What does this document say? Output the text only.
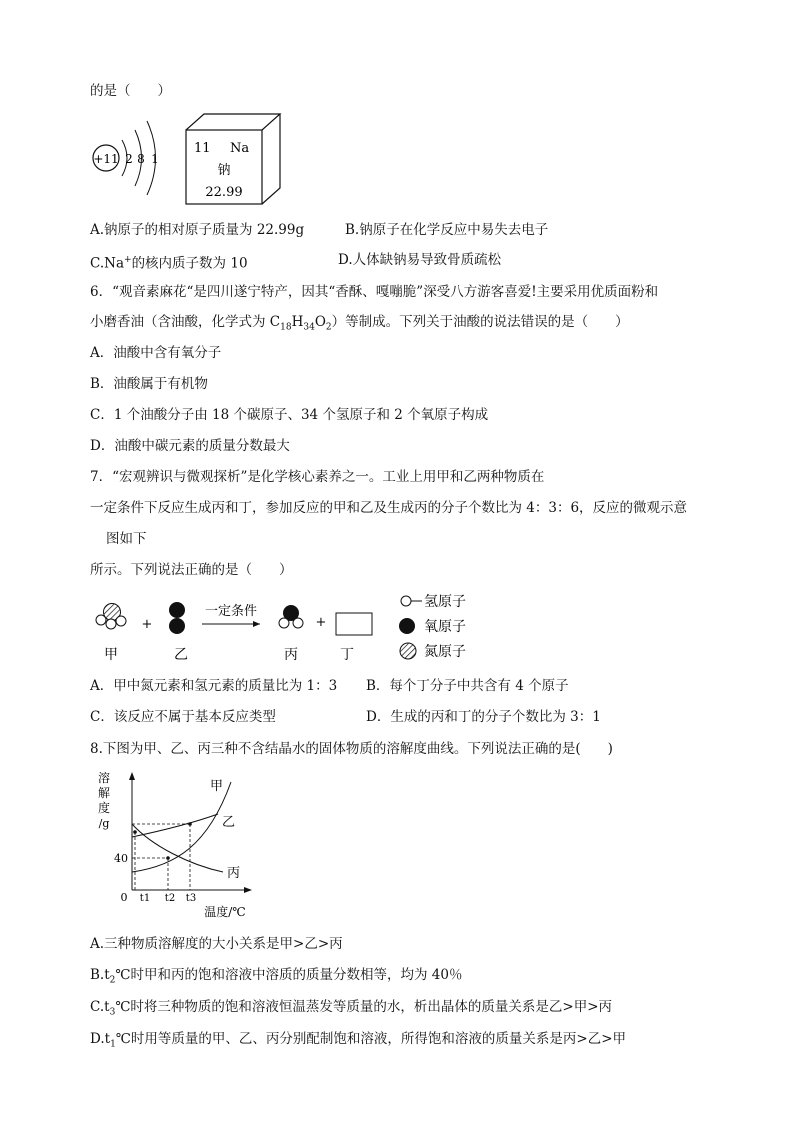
的是（　　）
+11 2 8 1
11 Na
钠
22.99
A.钠原子的相对原子质量为 22.99g	B.钠原子在化学反应中易失去电子
C.Na+的核内质子数为 10	D.人体缺钠易导致骨质疏松
6．“观音素麻花“是四川遂宁特产，因其“香酥、嘎嘣脆”深受八方游客喜爱!主要采用优质面粉和
小磨香油（含油酸，化学式为 $C_{18}H_{34}O_2$）等制成。下列关于油酸的说法错误的是（　　）
A．油酸中含有氧分子
B．油酸属于有机物
C．1 个油酸分子由 18 个碳原子、34 个氢原子和 2 个氧原子构成
D．油酸中碳元素的质量分数最大
7．“宏观辨识与微观探析”是化学核心素养之一。工业上用甲和乙两种物质在
一定条件下反应生成丙和丁，参加反应的甲和乙及生成丙的分子个数比为 4：3：6，反应的微观示意
图如下
所示。下列说法正确的是（　　）
+
一定条件
+
甲	乙	丙	丁
氢原子
氧原子
氮原子
A．甲中氮元素和氢元素的质量比为 1：3 B．每个丁分子中共含有 4 个原子
C．该反应不属于基本反应类型	D．生成的丙和丁的分子个数比为 3：1
8.下图为甲、乙、丙三种不含结晶水的固体物质的溶解度曲线。下列说法正确的是(　　)
溶
解
度
/g
40
0 t1 t2 t3
温度/℃
甲
乙
丙
A.三种物质溶解度的大小关系是甲>乙>丙
$B.t_2℃$时甲和丙的饱和溶液中溶质的质量分数相等，均为 40％
$C.t_3℃$时将三种物质的饱和溶液恒温蒸发等质量的水，析出晶体的质量关系是乙>甲>丙
$D.t_1℃$时用等质量的甲、乙、丙分别配制饱和溶液，所得饱和溶液的质量关系是丙>乙>甲
